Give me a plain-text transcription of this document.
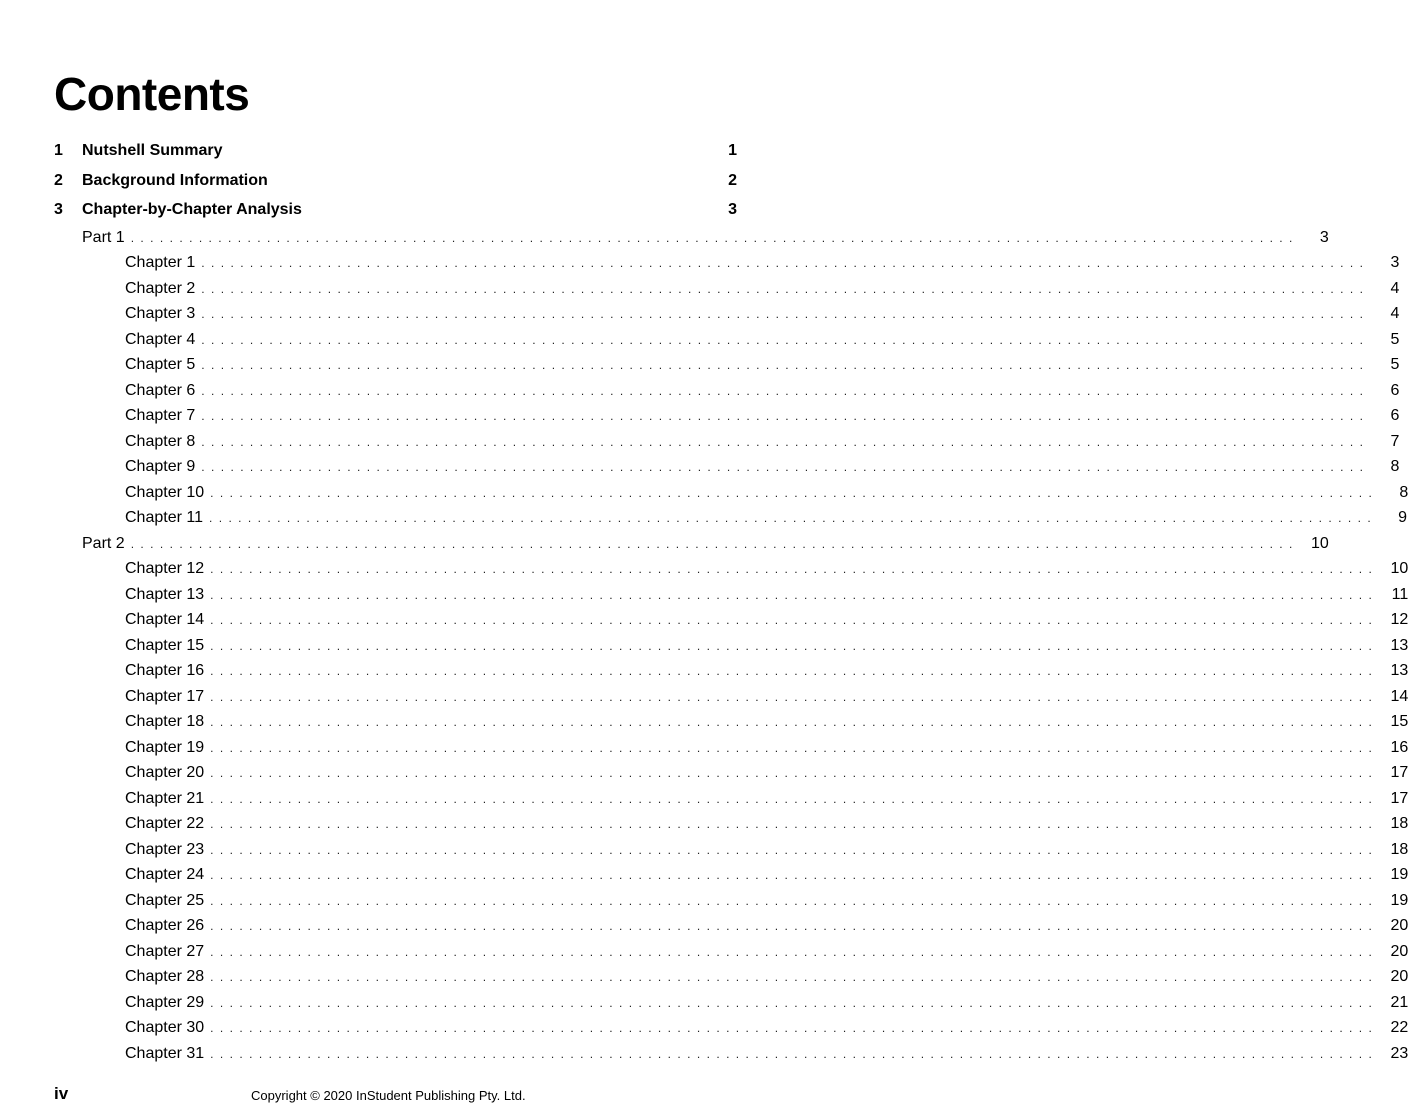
Contents
1	Nutshell Summary	1
2	Background Information	2
3	Chapter-by-Chapter Analysis	3
Part 1 ........................................................................................................................	3
Chapter 1 ........................................................................................................................	3
Chapter 2 ........................................................................................................................	4
Chapter 3 ........................................................................................................................	4
Chapter 4 ........................................................................................................................	5
Chapter 5 ........................................................................................................................	5
Chapter 6 ........................................................................................................................	6
Chapter 7 ........................................................................................................................	6
Chapter 8 ........................................................................................................................	7
Chapter 9 ........................................................................................................................	8
Chapter 10 ........................................................................................................................	8
Chapter 11 ........................................................................................................................	9
Part 2 ........................................................................................................................ 10
Chapter 12 ........................................................................................................................ 10
Chapter 13 ........................................................................................................................ 11
Chapter 14 ........................................................................................................................ 12
Chapter 15 ........................................................................................................................ 13
Chapter 16 ........................................................................................................................ 13
Chapter 17 ........................................................................................................................ 14
Chapter 18 ........................................................................................................................ 15
Chapter 19 ........................................................................................................................ 16
Chapter 20 ........................................................................................................................ 17
Chapter 21 ........................................................................................................................ 17
Chapter 22 ........................................................................................................................ 18
Chapter 23 ........................................................................................................................ 18
Chapter 24 ........................................................................................................................ 19
Chapter 25 ........................................................................................................................ 19
Chapter 26 ........................................................................................................................ 20
Chapter 27 ........................................................................................................................ 20
Chapter 28 ........................................................................................................................ 20
Chapter 29 ........................................................................................................................ 21
Chapter 30 ........................................................................................................................ 22
Chapter 31 ........................................................................................................................ 23
iv	Copyright © 2020 InStudent Publishing Pty. Ltd.
